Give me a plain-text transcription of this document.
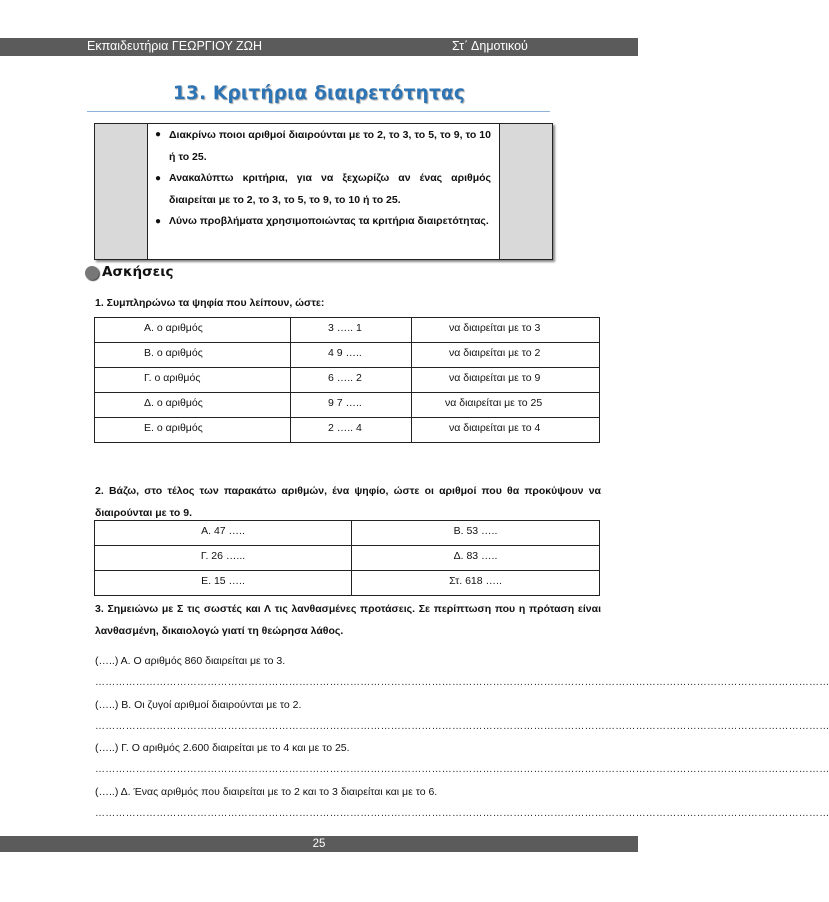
Εκπαιδευτήρια ΓΕΩΡΓΙΟΥ ΖΩΗ	Στ΄ Δημοτικού
13. Κριτήρια διαιρετότητας
● Διακρίνω ποιοι αριθμοί διαιρούνται με το 2, το 3, το 5, το 9, το 10 ή το 25.
● Ανακαλύπτω κριτήρια, για να ξεχωρίζω αν ένας αριθμός διαιρείται με το 2, το 3, το 5, το 9, το 10 ή το 25.
● Λύνω προβλήματα χρησιμοποιώντας τα κριτήρια διαιρετότητας.
Ασκήσεις
1. Συμπληρώνω τα ψηφία που λείπουν, ώστε:
Α. ο αριθμός	3 ….. 1	να διαιρείται με το 3

Β. ο αριθμός	4 9 …..	να διαιρείται με το 2

Γ. ο αριθμός	6 ….. 2	να διαιρείται με το 9

Δ. ο αριθμός	9 7 …..	να διαιρείται με το 25

Ε. ο αριθμός	2 ….. 4	να διαιρείται με το 4
2. Βάζω, στο τέλος των παρακάτω αριθμών, ένα ψηφίο, ώστε οι αριθμοί που θα προκύψουν να διαιρούνται με το 9.
Α. 47 …..	Β. 53 …..

Γ. 26 …...	Δ. 83 …..

Ε. 15 …..	Στ. 618 …..
3. Σημειώνω με Σ τις σωστές και Λ τις λανθασμένες προτάσεις. Σε περίπτωση που η πρόταση είναι λανθασμένη, δικαιολογώ γιατί τη θεώρησα λάθος.
(…..) Α. Ο αριθμός 860 διαιρείται με το 3.
………………………………………………………………………………………………………………………………………………………………………………………………
(…..) Β. Οι ζυγοί αριθμοί διαιρούνται με το 2.
………………………………………………………………………………………………………………………………………………………………………………………………
(…..) Γ. Ο αριθμός 2.600 διαιρείται με το 4 και με το 25.
………………………………………………………………………………………………………………………………………………………………………………………………
(…..) Δ. Ένας αριθμός που διαιρείται με το 2 και το 3 διαιρείται και με το 6.
………………………………………………………………………………………………………………………………………………………………………………………………
25
